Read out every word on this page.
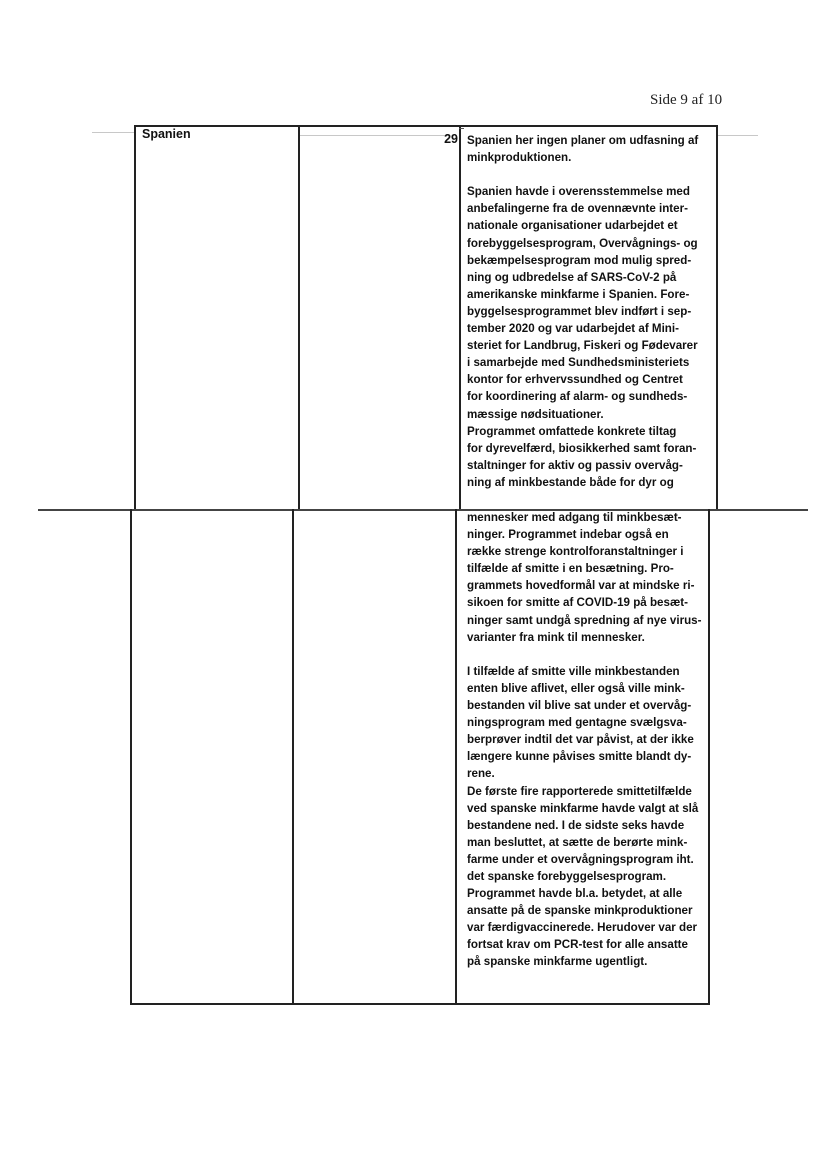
Side 9 af 10
Spanien	29 Spanien her ingen planer om udfasning af
minkproduktionen.
Spanien havde i overensstemmelse med
anbefalingerne fra de ovennævnte inter-
nationale organisationer udarbejdet et
forebyggelsesprogram, Overvågnings- og
bekæmpelsesprogram mod mulig spred-
ning og udbredelse af SARS-CoV-2 på
amerikanske minkfarme i Spanien. Fore-
byggelsesprogrammet blev indført i sep-
tember 2020 og var udarbejdet af Mini-
steriet for Landbrug, Fiskeri og Fødevarer
i samarbejde med Sundhedsministeriets
kontor for erhvervssundhed og Centret
for koordinering af alarm- og sundheds-
mæssige nødsituationer.
Programmet omfattede konkrete tiltag
for dyrevelfærd, biosikkerhed samt foran-
staltninger for aktiv og passiv overvåg-
ning af minkbestande både for dyr og
mennesker med adgang til minkbesæt-
ninger. Programmet indebar også en
række strenge kontrolforanstaltninger i
tilfælde af smitte i en besætning. Pro-
grammets hovedformål var at mindske ri-
sikoen for smitte af COVID-19 på besæt-
ninger samt undgå spredning af nye virus-
varianter fra mink til mennesker.
I tilfælde af smitte ville minkbestanden
enten blive aflivet, eller også ville mink-
bestanden vil blive sat under et overvåg-
ningsprogram med gentagne svælgsva-
berprøver indtil det var påvist, at der ikke
længere kunne påvises smitte blandt dy-
rene.
De første fire rapporterede smittetilfælde
ved spanske minkfarme havde valgt at slå
bestandene ned. I de sidste seks havde
man besluttet, at sætte de berørte mink-
farme under et overvågningsprogram iht.
det spanske forebyggelsesprogram.
Programmet havde bl.a. betydet, at alle
ansatte på de spanske minkproduktioner
var færdigvaccinerede. Herudover var der
fortsat krav om PCR-test for alle ansatte
på spanske minkfarme ugentligt.
